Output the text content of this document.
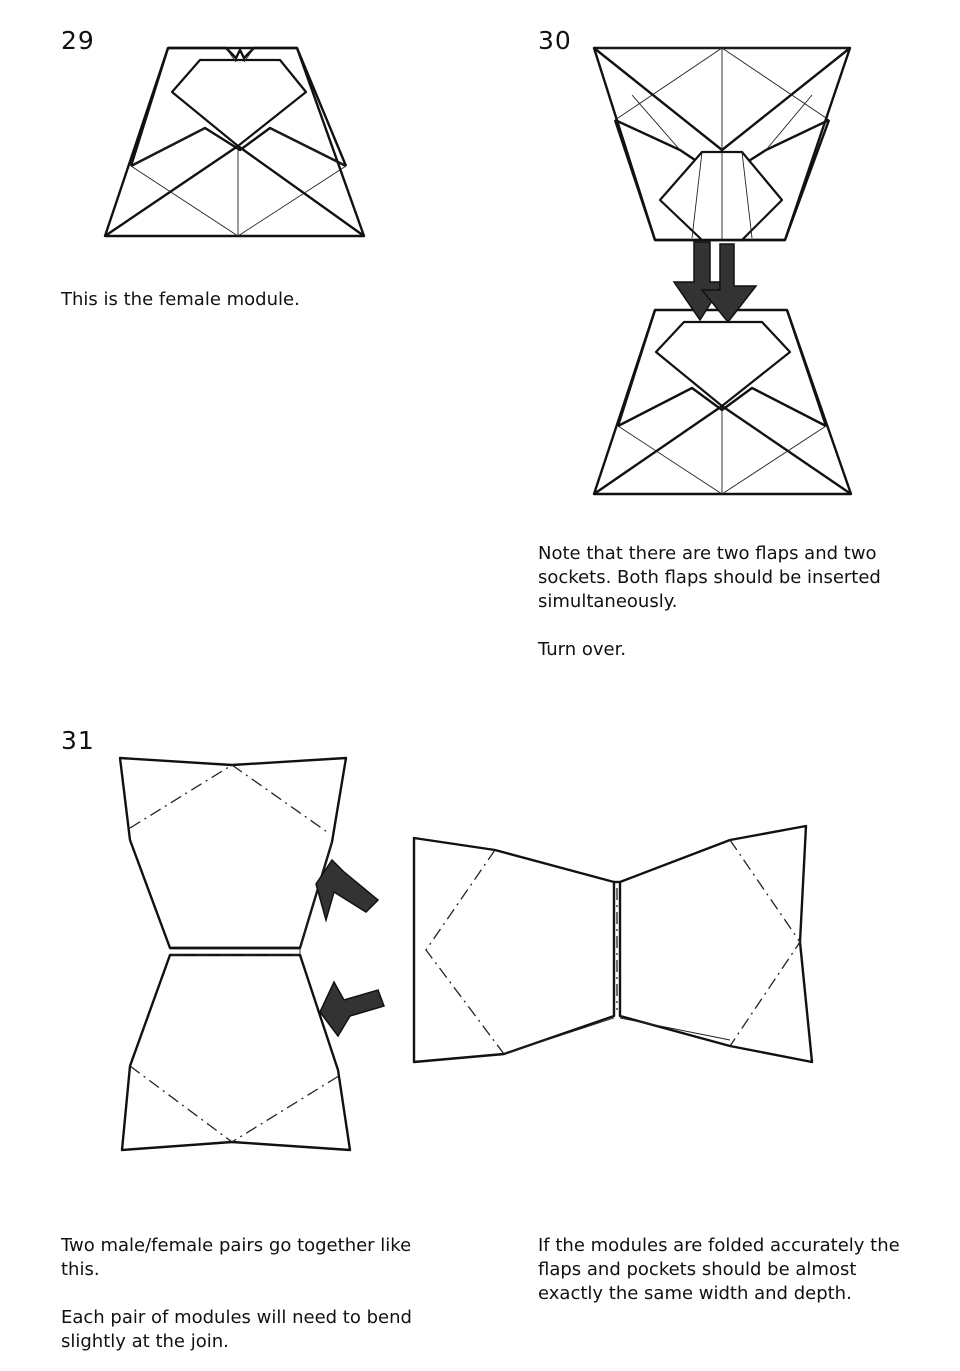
29	30
31

This is the female module.

Note that there are two flaps and two sockets. Both flaps should be inserted simultaneously.

Turn over.

Two male/female pairs go together like this.

Each pair of modules will need to bend slightly at the join.

If the modules are folded accurately the flaps and pockets should be almost exactly the same width and depth.
